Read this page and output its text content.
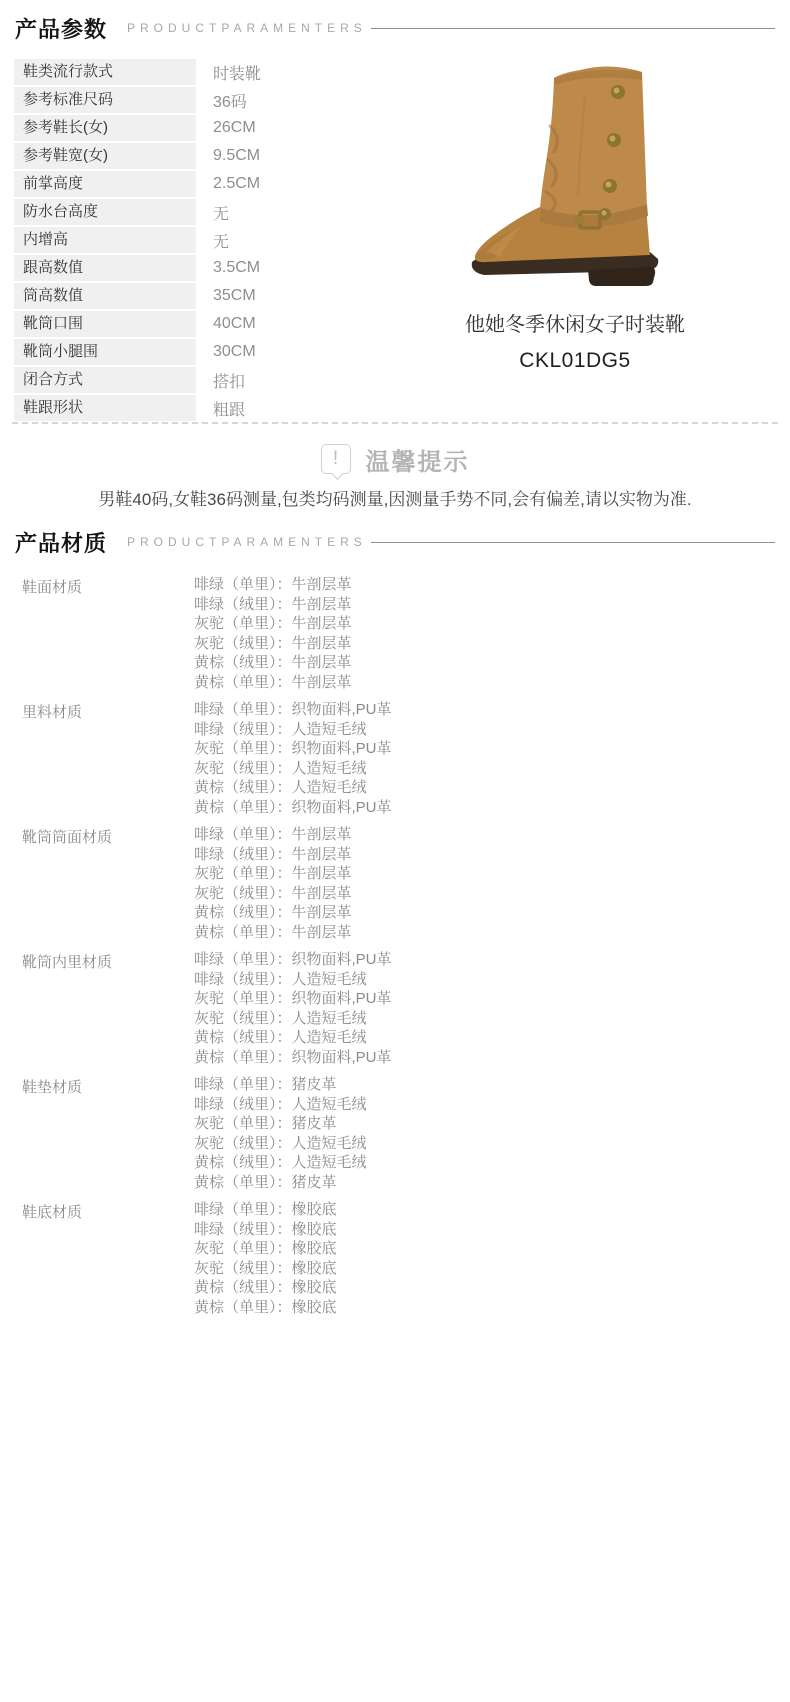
产品参数 PRODUCTPARAMENTERS
鞋类流行款式	时装靴
参考标准尺码	36码
参考鞋长(女)	26CM
参考鞋宽(女)	9.5CM
前掌高度	2.5CM
防水台高度	无
内增高	无
跟高数值	3.5CM
筒高数值	35CM
靴筒口围	40CM
靴筒小腿围	30CM
闭合方式	搭扣
鞋跟形状	粗跟
他她冬季休闲女子时装靴
CKL01DG5
!	温馨提示

男鞋40码,女鞋36码测量,包类均码测量,因测量手势不同,会有偏差,请以实物为准.

产品材质 PRODUCTPARAMENTERS
鞋面材质	啡绿（单里）：牛剖层革
啡绿（绒里）：牛剖层革
灰驼（单里）：牛剖层革
灰驼（绒里）：牛剖层革
黄棕（绒里）：牛剖层革
黄棕（单里）：牛剖层革
里料材质	啡绿（单里）：织物面料,PU革
啡绿（绒里）：人造短毛绒
灰驼（单里）：织物面料,PU革
灰驼（绒里）：人造短毛绒
黄棕（绒里）：人造短毛绒
黄棕（单里）：织物面料,PU革
靴筒筒面材质	啡绿（单里）：牛剖层革
啡绿（绒里）：牛剖层革
灰驼（单里）：牛剖层革
灰驼（绒里）：牛剖层革
黄棕（绒里）：牛剖层革
黄棕（单里）：牛剖层革
靴筒内里材质	啡绿（单里）：织物面料,PU革
啡绿（绒里）：人造短毛绒
灰驼（单里）：织物面料,PU革
灰驼（绒里）：人造短毛绒
黄棕（绒里）：人造短毛绒
黄棕（单里）：织物面料,PU革
鞋垫材质	啡绿（单里）：猪皮革
啡绿（绒里）：人造短毛绒
灰驼（单里）：猪皮革
灰驼（绒里）：人造短毛绒
黄棕（绒里）：人造短毛绒
黄棕（单里）：猪皮革
鞋底材质	啡绿（单里）：橡胶底
啡绿（绒里）：橡胶底
灰驼（单里）：橡胶底
灰驼（绒里）：橡胶底
黄棕（绒里）：橡胶底
黄棕（单里）：橡胶底
